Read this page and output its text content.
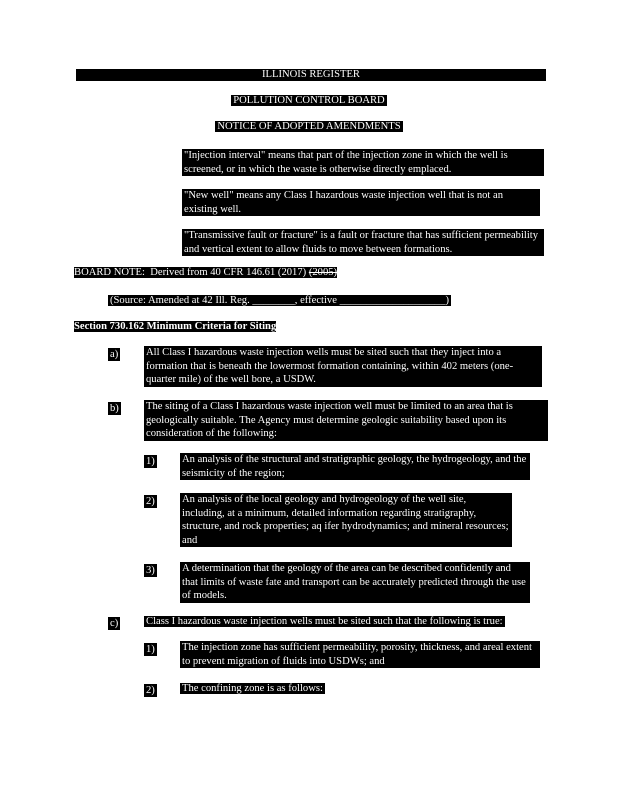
ILLINOIS REGISTER
POLLUTION CONTROL BOARD
NOTICE OF ADOPTED AMENDMENTS
"Injection interval" means that part of the injection zone in which the well is screened, or in which the waste is otherwise directly emplaced.
"New well" means any Class I hazardous waste injection well that is not an existing well.
"Transmissive fault or fracture" is a fault or fracture that has sufficient permeability and vertical extent to allow fluids to move between formations.
BOARD NOTE: Derived from 40 CFR 146.61 (2017) (2005)
(Source: Amended at 42 Ill. Reg. ________, effective ____________________)
Section 730.162 Minimum Criteria for Siting
a)	All Class I hazardous waste injection wells must be sited such that they inject into a formation that is beneath the lowermost formation containing, within 402 meters (one-quarter mile) of the well bore, a USDW.
b)	The siting of a Class I hazardous waste injection well must be limited to an area that is geologically suitable. The Agency must determine geologic suitability based upon its consideration of the following:
1)	An analysis of the structural and stratigraphic geology, the hydrogeology, and the seismicity of the region;
2)	An analysis of the local geology and hydrogeology of the well site, including, at a minimum, detailed information regarding stratigraphy, structure, and rock properties; aq ifer hydrodynamics; and mineral resources; and
3)	A determination that the geology of the area can be described confidently and that limits of waste fate and transport can be accurately predicted through the use of models.
c)	Class I hazardous waste injection wells must be sited such that the following is true:
1)	The injection zone has sufficient permeability, porosity, thickness, and areal extent to prevent migration of fluids into USDWs; and
2)	The confining zone is as follows:
